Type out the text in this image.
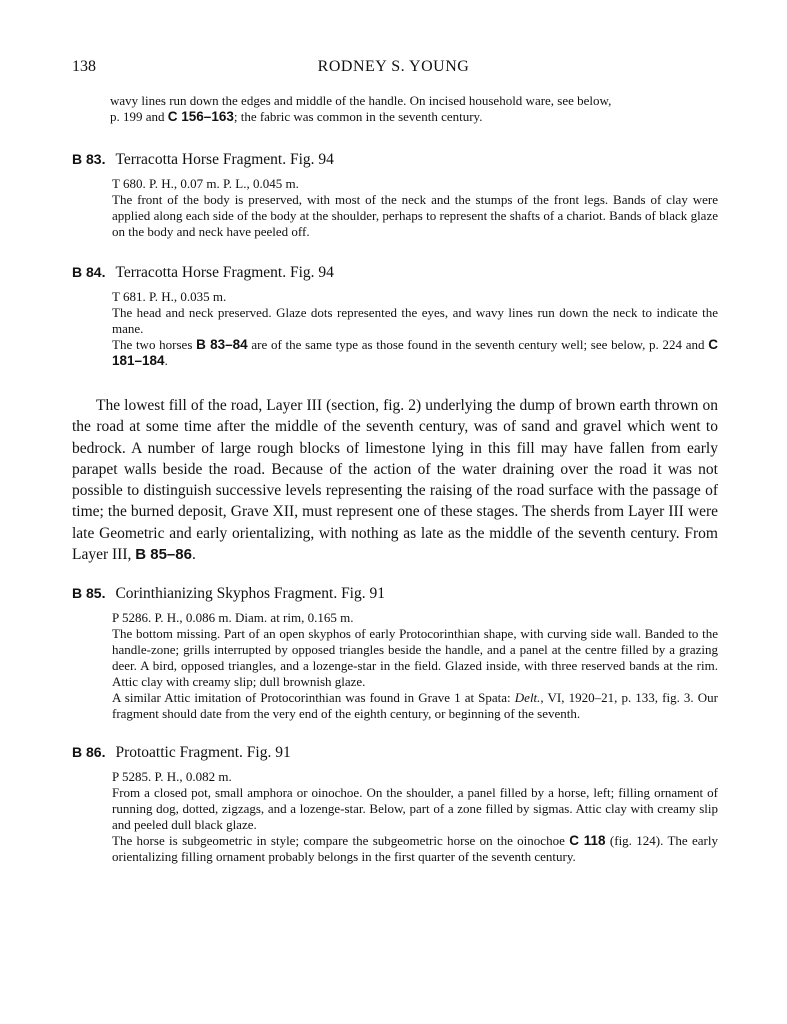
138	RODNEY S. YOUNG

wavy lines run down the edges and middle of the handle. On incised household ware, see below,
p. 199 and C 156–163; the fabric was common in the seventh century.

B 83. Terracotta Horse Fragment. Fig. 94

T 680. P. H., 0.07 m. P. L., 0.045 m.

The front of the body is preserved, with most of the neck and the stumps of the front legs. Bands of clay were applied along each side of the body at the shoulder, perhaps to represent the shafts of a chariot. Bands of black glaze on the body and neck have peeled off.

B 84. Terracotta Horse Fragment. Fig. 94

T 681. P. H., 0.035 m.

The head and neck preserved. Glaze dots represented the eyes, and wavy lines run down the neck to indicate the mane.

The two horses B 83–84 are of the same type as those found in the seventh century well; see below, p. 224 and C 181–184.

The lowest fill of the road, Layer III (section, fig. 2) underlying the dump of brown earth thrown on the road at some time after the middle of the seventh century, was of sand and gravel which went to bedrock. A number of large rough blocks of limestone lying in this fill may have fallen from early parapet walls beside the road. Because of the action of the water draining over the road it was not possible to distinguish successive levels representing the raising of the road surface with the passage of time; the burned deposit, Grave XII, must represent one of these stages. The sherds from Layer III were late Geometric and early orientalizing, with nothing as late as the middle of the seventh century. From Layer III, B 85–86.

B 85. Corinthianizing Skyphos Fragment. Fig. 91

P 5286. P. H., 0.086 m. Diam. at rim, 0.165 m.

The bottom missing. Part of an open skyphos of early Protocorinthian shape, with curving side wall. Banded to the handle-zone; grills interrupted by opposed triangles beside the handle, and a panel at the centre filled by a grazing deer. A bird, opposed triangles, and a lozenge-star in the field. Glazed inside, with three reserved bands at the rim. Attic clay with creamy slip; dull brownish glaze.

A similar Attic imitation of Protocorinthian was found in Grave 1 at Spata: Delt., VI, 1920–21, p. 133, fig. 3. Our fragment should date from the very end of the eighth century, or beginning of the seventh.

B 86. Protoattic Fragment. Fig. 91

P 5285. P. H., 0.082 m.

From a closed pot, small amphora or oinochoe. On the shoulder, a panel filled by a horse, left; filling ornament of running dog, dotted, zigzags, and a lozenge-star. Below, part of a zone filled by sigmas. Attic clay with creamy slip and peeled dull black glaze.

The horse is subgeometric in style; compare the subgeometric horse on the oinochoe C 118 (fig. 124). The early orientalizing filling ornament probably belongs in the first quarter of the seventh century.
